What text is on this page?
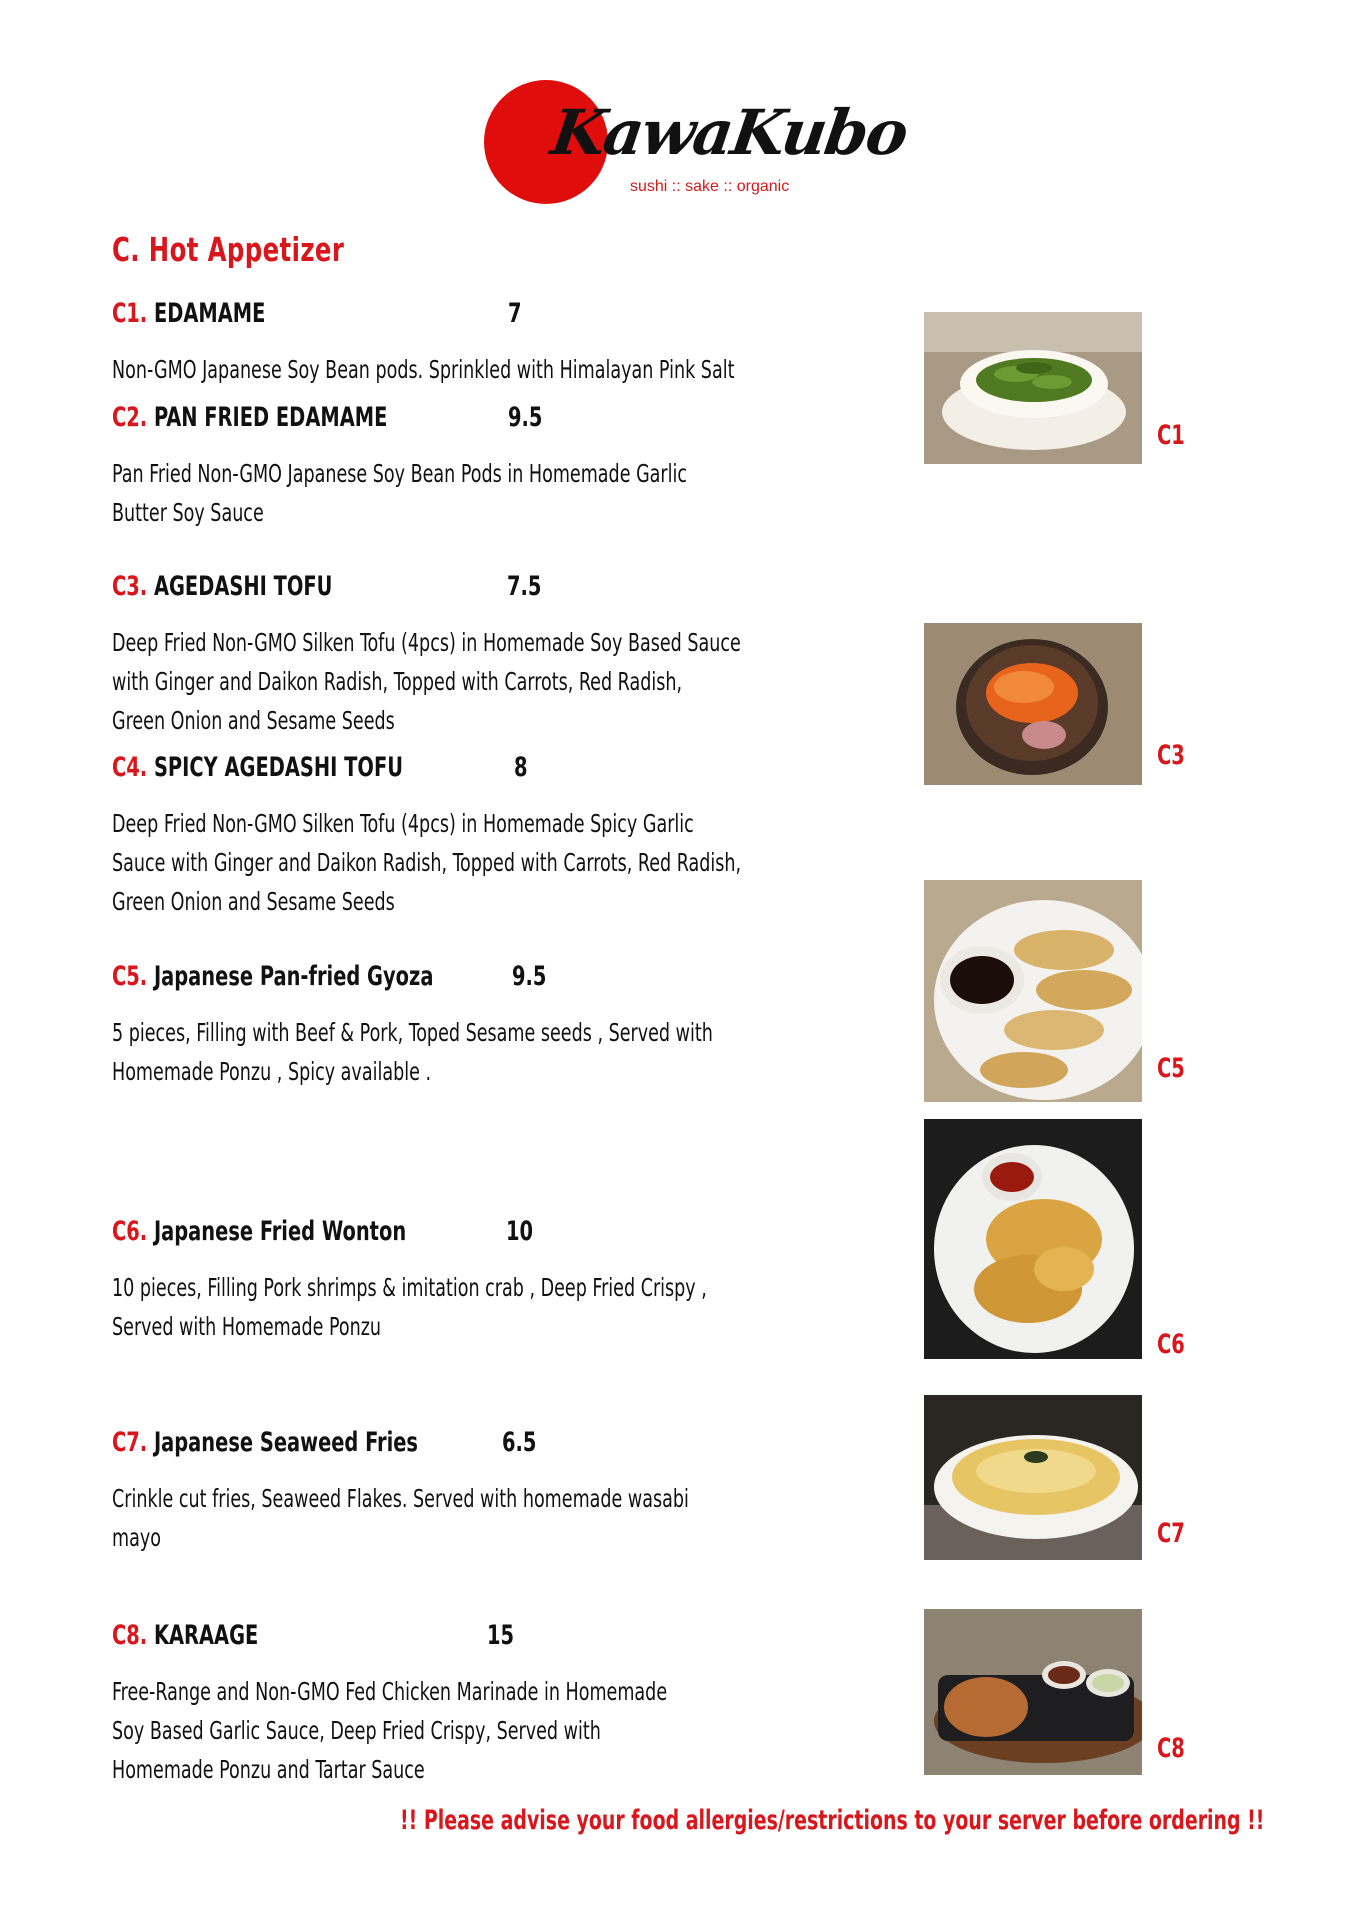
KawaKubo
sushi :: sake :: organic
C. Hot Appetizer
C1. EDAMAME	7
Non-GMO Japanese Soy Bean pods. Sprinkled with Himalayan Pink Salt
C2. PAN FRIED EDAMAME	9.5
Pan Fried Non-GMO Japanese Soy Bean Pods in Homemade Garlic
Butter Soy Sauce
C3. AGEDASHI TOFU	7.5
Deep Fried Non-GMO Silken Tofu (4pcs) in Homemade Soy Based Sauce
with Ginger and Daikon Radish, Topped with Carrots, Red Radish,
Green Onion and Sesame Seeds
C4. SPICY AGEDASHI TOFU	8
Deep Fried Non-GMO Silken Tofu (4pcs) in Homemade Spicy Garlic
Sauce with Ginger and Daikon Radish, Topped with Carrots, Red Radish,
Green Onion and Sesame Seeds
C5. Japanese Pan-fried Gyoza	9.5
5 pieces, Filling with Beef & Pork, Toped Sesame seeds , Served with
Homemade Ponzu , Spicy available .
C6. Japanese Fried Wonton	10
10 pieces, Filling Pork shrimps & imitation crab , Deep Fried Crispy ,
Served with Homemade Ponzu
C7. Japanese Seaweed Fries	6.5
Crinkle cut fries, Seaweed Flakes. Served with homemade wasabi
mayo
C8. KARAAGE	15
Free-Range and Non-GMO Fed Chicken Marinade in Homemade
Soy Based Garlic Sauce, Deep Fried Crispy, Served with
Homemade Ponzu and Tartar Sauce
C1
C3
C5
C6
C7
C8
!! Please advise your food allergies/restrictions to your server before ordering !!
